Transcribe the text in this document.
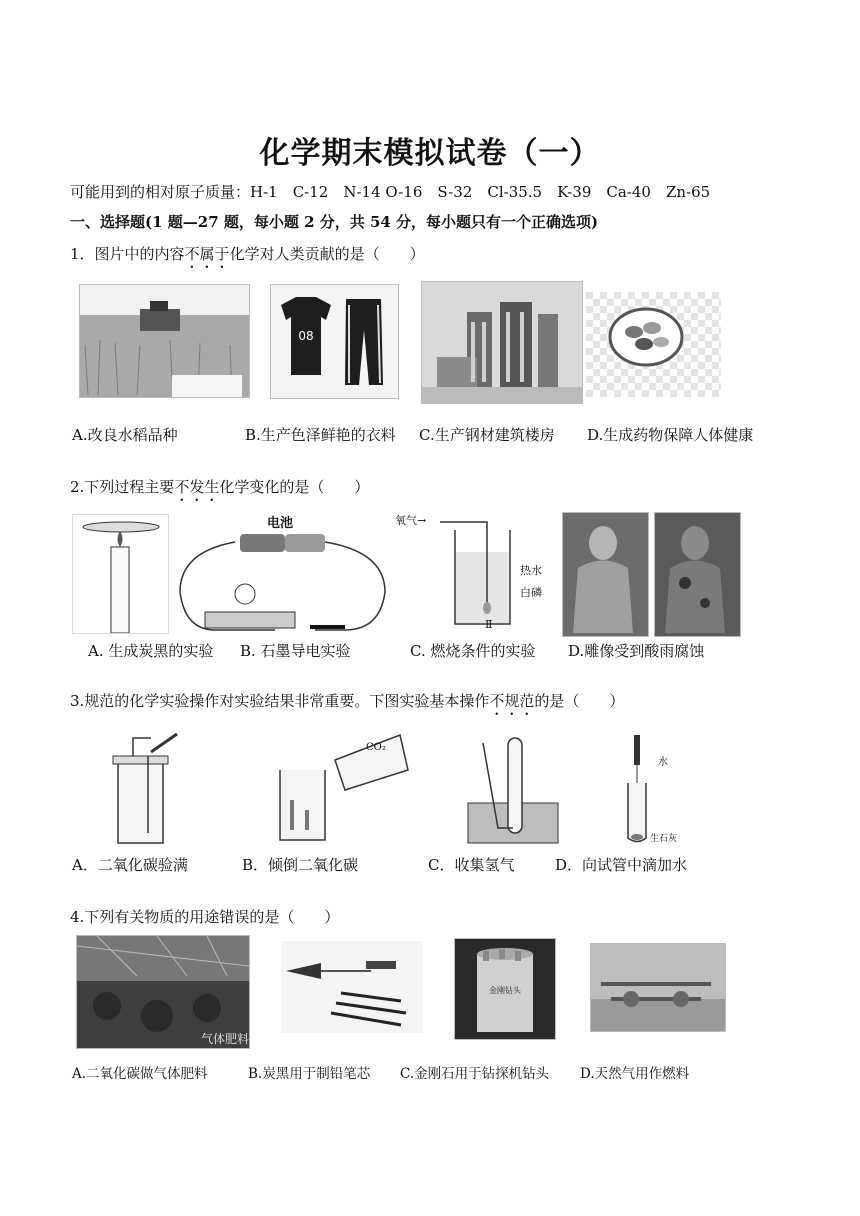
化学期末模拟试卷（一）
可能用到的相对原子质量：H-1　C-12　N-14 O-16　S-32　Cl-35.5　K-39　Ca-40　Zn-65
一、选择题(1 题—27 题，每小题 2 分，共 54 分，每小题只有一个正确选项)
1．图片中的内容不属于化学对人类贡献的是（　　）
08
A.改良水稻品种	B.生产色泽鲜艳的衣料 C.生产钢材建筑楼房 D.生成药物保障人体健康
2.下列过程主要不发生化学变化的是（　　）
电池	氧气→
热水
白磷
Ⅱ
A. 生成炭黑的实验 B. 石墨导电实验	C. 燃烧条件的实验 D.雕像受到酸雨腐蚀
3.规范的化学实验操作对实验结果非常重要。下图实验基本操作不规范的是（　　）
CO₂
水
生石灰
A．二氧化碳验满	B．倾倒二氧化碳	C．收集氢气	D．向试管中滴加水
4.下列有关物质的用途错误的是（　　）
气体肥料
金刚钻头
A.二氧化碳做气体肥料	B.炭黑用于制铅笔芯 C.金刚石用于钻探机钻头 D.天然气用作燃料
